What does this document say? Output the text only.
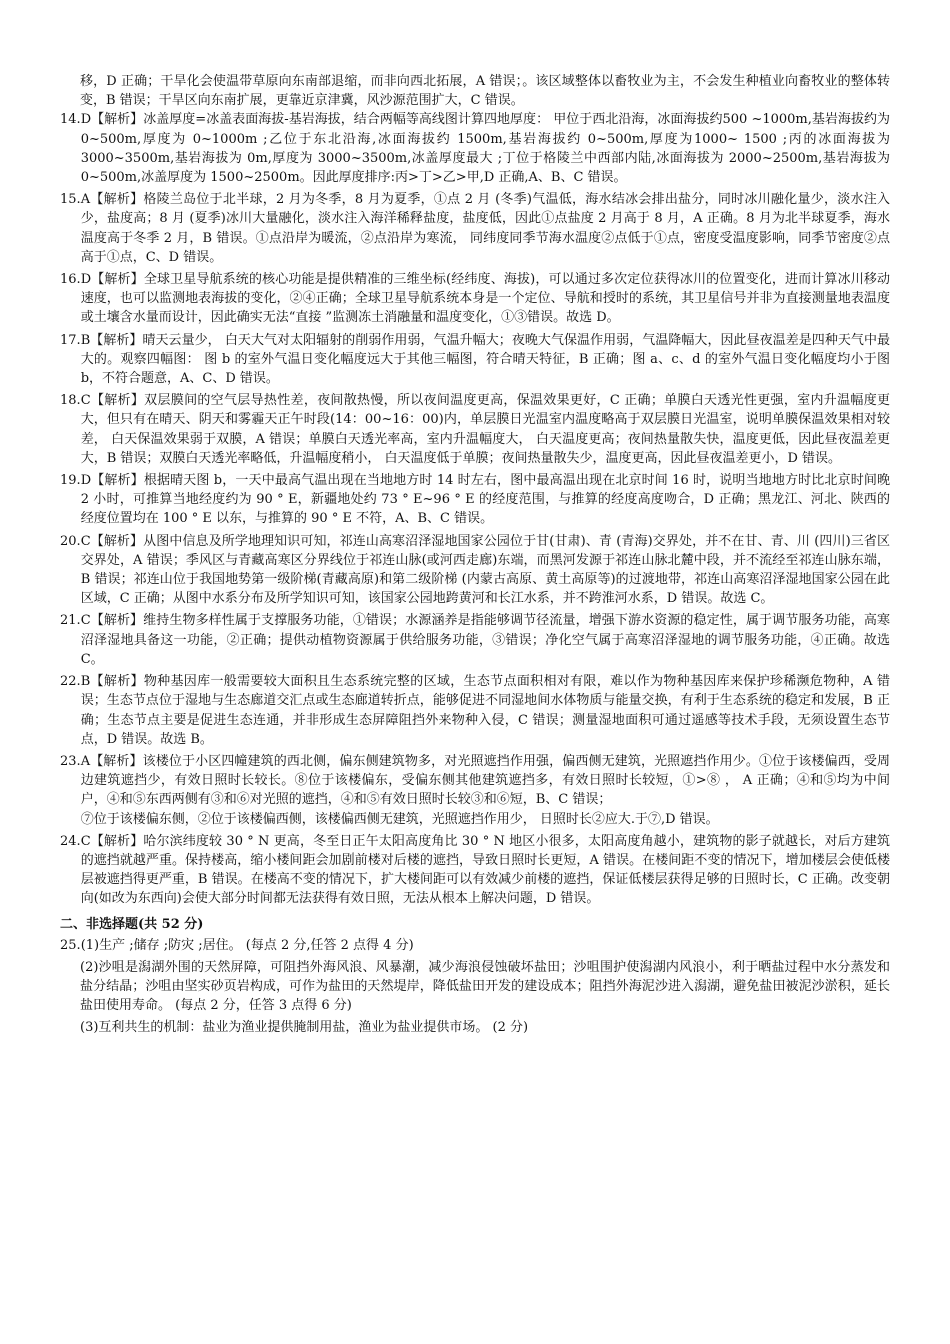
移，D 正确；干旱化会使温带草原向东南部退缩，而非向西北拓展，A 错误；。该区域整体以畜牧业为主，不会发生种植业向畜牧业的整体转变，B 错误；干旱区向东南扩展，更靠近京津冀，风沙源范围扩大，C 错误。

14. D【解析】冰盖厚度=冰盖表面海拔-基岩海拔，结合两幅等高线图计算四地厚度： 甲位于西北沿海，冰面海拔约500 ~1000m,基岩海拔约为 0~500m,厚度为 0~1000m ;乙位于东北沿海,冰面海拔约 1500m,基岩海拔约 0~500m,厚度为1000~ 1500 ;丙的冰面海拔为 3000~3500m,基岩海拔为 0m,厚度为 3000~3500m,冰盖厚度最大 ;丁位于格陵兰中西部内陆,冰面海拔为 2000~2500m,基岩海拔为 0~500m,冰盖厚度为 1500~2500m。因此厚度排序:丙>丁>乙>甲,D 正确,A、B、C 错误。

15. A【解析】格陵兰岛位于北半球，2 月为冬季，8 月为夏季，①点 2 月 (冬季)气温低，海水结冰会排出盐分，同时冰川融化量少，淡水注入少，盐度高；8 月 (夏季)冰川大量融化，淡水注入海洋稀释盐度，盐度低，因此①点盐度 2 月高于 8 月，A 正确。8 月为北半球夏季，海水温度高于冬季 2 月，B 错误。①点沿岸为暖流，②点沿岸为寒流， 同纬度同季节海水温度②点低于①点，密度受温度影响，同季节密度②点高于①点，C、D 错误。

16. D【解析】全球卫星导航系统的核心功能是提供精准的三维坐标(经纬度、海拔)，可以通过多次定位获得冰川的位置变化，进而计算冰川移动速度，也可以监测地表海拔的变化，②④正确；全球卫星导航系统本身是一个定位、导航和授时的系统，其卫星信号并非为直接测量地表温度或土壤含水量而设计，因此确实无法“直接 ”监测冻土消融量和温度变化，①③错误。故选 D。

17. B【解析】晴天云量少， 白天大气对太阳辐射的削弱作用弱，气温升幅大；夜晚大气保温作用弱，气温降幅大，因此昼夜温差是四种天气中最大的。观察四幅图： 图 b 的室外气温日变化幅度远大于其他三幅图，符合晴天特征，B 正确；图 a、c、d 的室外气温日变化幅度均小于图 b，不符合题意，A、C、D 错误。

18. C【解析】双层膜间的空气层导热性差，夜间散热慢，所以夜间温度更高，保温效果更好，C 正确；单膜白天透光性更强，室内升温幅度更大，但只有在晴天、阴天和雾霾天正午时段(14：00~16：00)内，单层膜日光温室内温度略高于双层膜日光温室，说明单膜保温效果相对较差， 白天保温效果弱于双膜，A 错误；单膜白天透光率高，室内升温幅度大， 白天温度更高；夜间热量散失快，温度更低，因此昼夜温差更大，B 错误；双膜白天透光率略低，升温幅度稍小， 白天温度低于单膜；夜间热量散失少，温度更高，因此昼夜温差更小，D 错误。

19. D【解析】根据晴天图 b，一天中最高气温出现在当地地方时 14 时左右，图中最高温出现在北京时间 16 时，说明当地地方时比北京时间晚 2 小时，可推算当地经度约为 90 ° E，新疆地处约 73 ° E~96 ° E 的经度范围，与推算的经度高度吻合，D 正确；黑龙江、河北、陕西的经度位置均在 100 ° E 以东，与推算的 90 ° E 不符，A、B、C 错误。

20. C【解析】从图中信息及所学地理知识可知，祁连山高寒沼泽湿地国家公园位于甘(甘肃)、青 (青海)交界处，并不在甘、青、川 (四川)三省区交界处，A 错误；季风区与青藏高寒区分界线位于祁连山脉(或河西走廊)东端，而黑河发源于祁连山脉北麓中段，并不流经至祁连山脉东端，B 错误；祁连山位于我国地势第一级阶梯(青藏高原)和第二级阶梯 (内蒙古高原、黄土高原等)的过渡地带，祁连山高寒沼泽湿地国家公园在此区域，C 正确；从图中水系分布及所学知识可知，该国家公园地跨黄河和长江水系，并不跨淮河水系，D 错误。故选 C。

21. C【解析】维持生物多样性属于支撑服务功能，①错误；水源涵养是指能够调节径流量，增强下游水资源的稳定性，属于调节服务功能，高寒沼泽湿地具备这一功能，②正确；提供动植物资源属于供给服务功能，③错误；净化空气属于高寒沼泽湿地的调节服务功能，④正确。故选 C。

22. B【解析】物种基因库一般需要较大面积且生态系统完整的区域，生态节点面积相对有限，难以作为物种基因库来保护珍稀濒危物种，A 错误；生态节点位于湿地与生态廊道交汇点或生态廊道转折点，能够促进不同湿地间水体物质与能量交换，有利于生态系统的稳定和发展，B 正确；生态节点主要是促进生态连通，并非形成生态屏障阻挡外来物种入侵，C 错误；测量湿地面积可通过遥感等技术手段，无须设置生态节点，D 错误。故选 B。

23. A【解析】该楼位于小区四幢建筑的西北侧，偏东侧建筑物多，对光照遮挡作用强，偏西侧无建筑，光照遮挡作用少。①位于该楼偏西，受周边建筑遮挡少，有效日照时长较长。⑧位于该楼偏东，受偏东侧其他建筑遮挡多，有效日照时长较短，①>⑧ ， A 正确；④和⑤均为中间户，④和⑤东西两侧有③和⑥对光照的遮挡，④和⑤有效日照时长较③和⑥短，B、C 错误；

⑦位于该楼偏东侧，②位于该楼偏西侧，该楼偏西侧无建筑，光照遮挡作用少， 日照时长②应大.于⑦,D 错误。

24. C【解析】哈尔滨纬度较 30 ° N 更高，冬至日正午太阳高度角比 30 ° N 地区小很多，太阳高度角越小，建筑物的影子就越长，对后方建筑的遮挡就越严重。保持楼高，缩小楼间距会加剧前楼对后楼的遮挡，导致日照时长更短，A 错误。在楼间距不变的情况下，增加楼层会使低楼层被遮挡得更严重，B 错误。在楼高不变的情况下，扩大楼间距可以有效减少前楼的遮挡，保证低楼层获得足够的日照时长，C 正确。改变朝向(如改为东西向)会使大部分时间都无法获得有效日照，无法从根本上解决问题，D 错误。

二、非选择题(共 52 分)
25. (1)生产 ;储存 ;防灾 ;居住。 (每点 2 分,任答 2 点得 4 分)

(2)沙咀是潟湖外围的天然屏障，可阻挡外海风浪、风暴潮，减少海浪侵蚀破坏盐田；沙咀围护使潟湖内风浪小，利于晒盐过程中水分蒸发和盐分结晶；沙咀由坚实砂页岩构成，可作为盐田的天然堤岸，降低盐田开发的建设成本；阻挡外海泥沙进入潟湖，避免盐田被泥沙淤积，延长盐田使用寿命。 (每点 2 分，任答 3 点得 6 分)

(3)互利共生的机制：盐业为渔业提供腌制用盐，渔业为盐业提供市场。 (2 分)
